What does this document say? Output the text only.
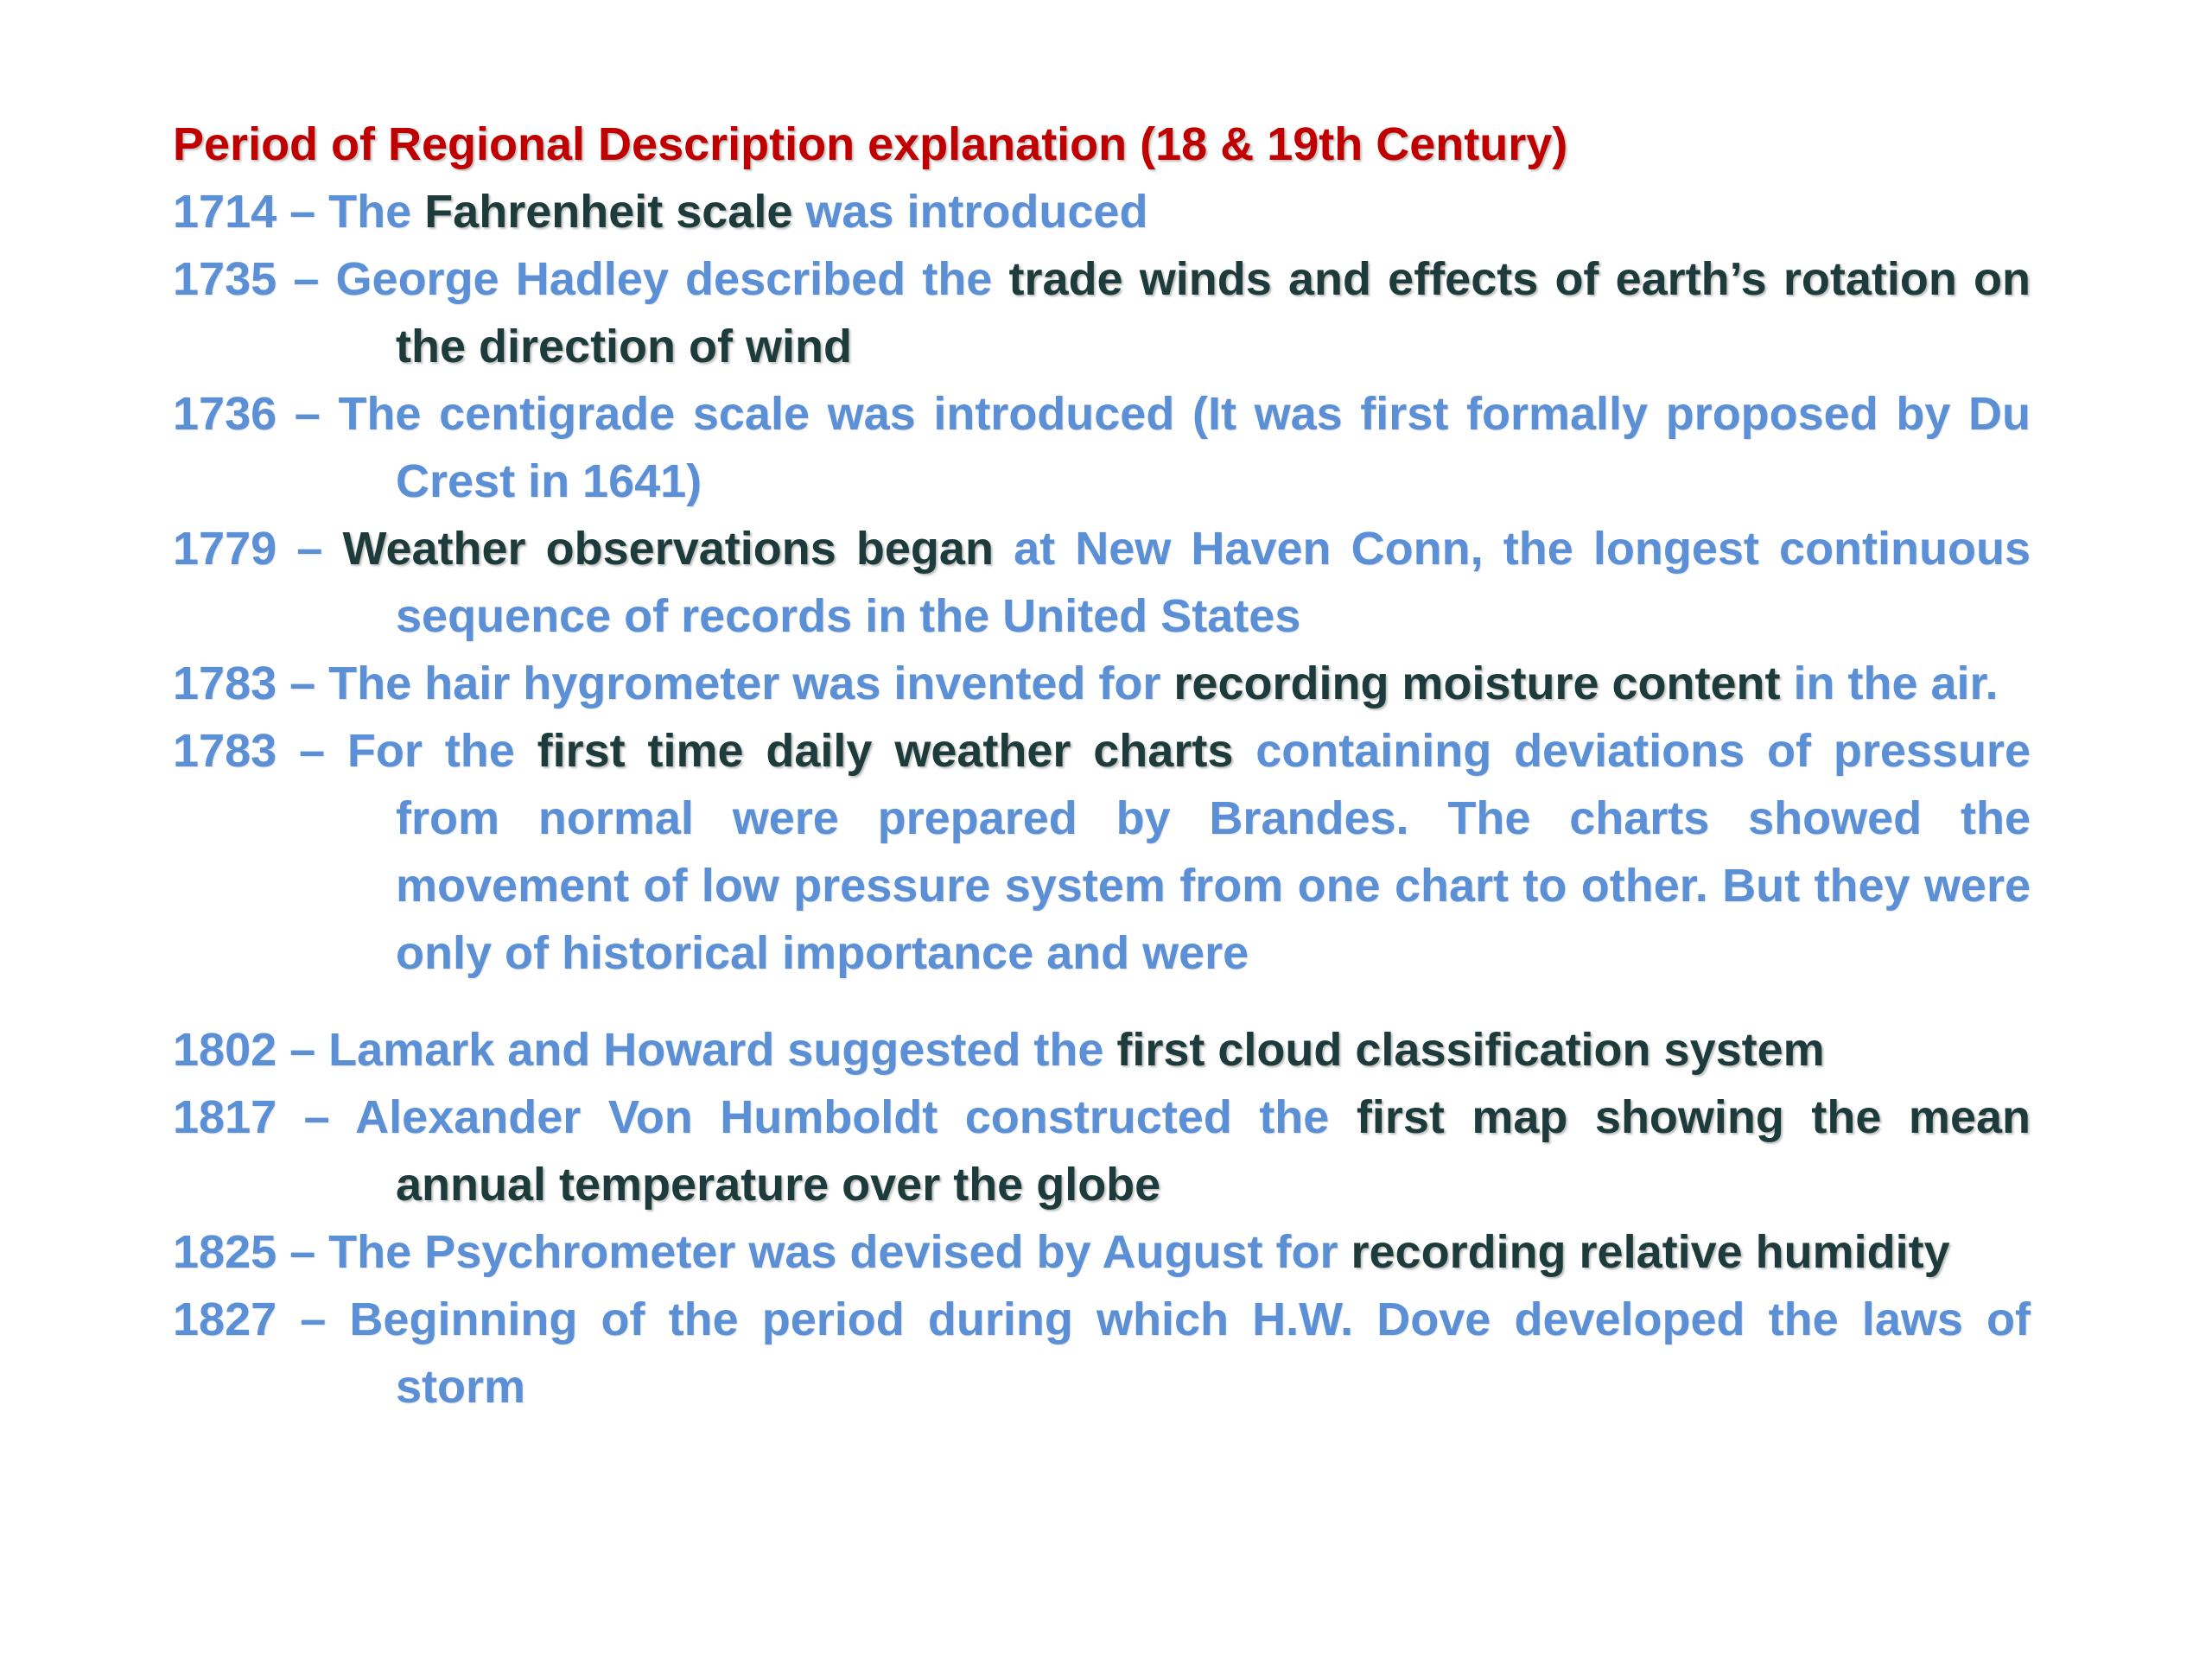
Period of Regional Description explanation (18 & 19th Century)
1714 – The Fahrenheit scale was introduced
1735 – George Hadley described the trade winds and effects of earth’s rotation on the direction of wind
1736 – The centigrade scale was introduced (It was first formally proposed by Du Crest in 1641)
1779 – Weather observations began at New Haven Conn, the longest continuous sequence of records in the United States
1783 – The hair hygrometer was invented for recording moisture content in the air.
1783 – For the first time daily weather charts containing deviations of pressure from normal were prepared by Brandes. The charts showed the movement of low pressure system from one chart to other. But they were only of historical importance and were
1802 – Lamark and Howard suggested the first cloud classification system
1817 – Alexander Von Humboldt constructed the first map showing the mean annual temperature over the globe
1825 – The Psychrometer was devised by August for recording relative humidity
1827 – Beginning of the period during which H.W. Dove developed the laws of storm
